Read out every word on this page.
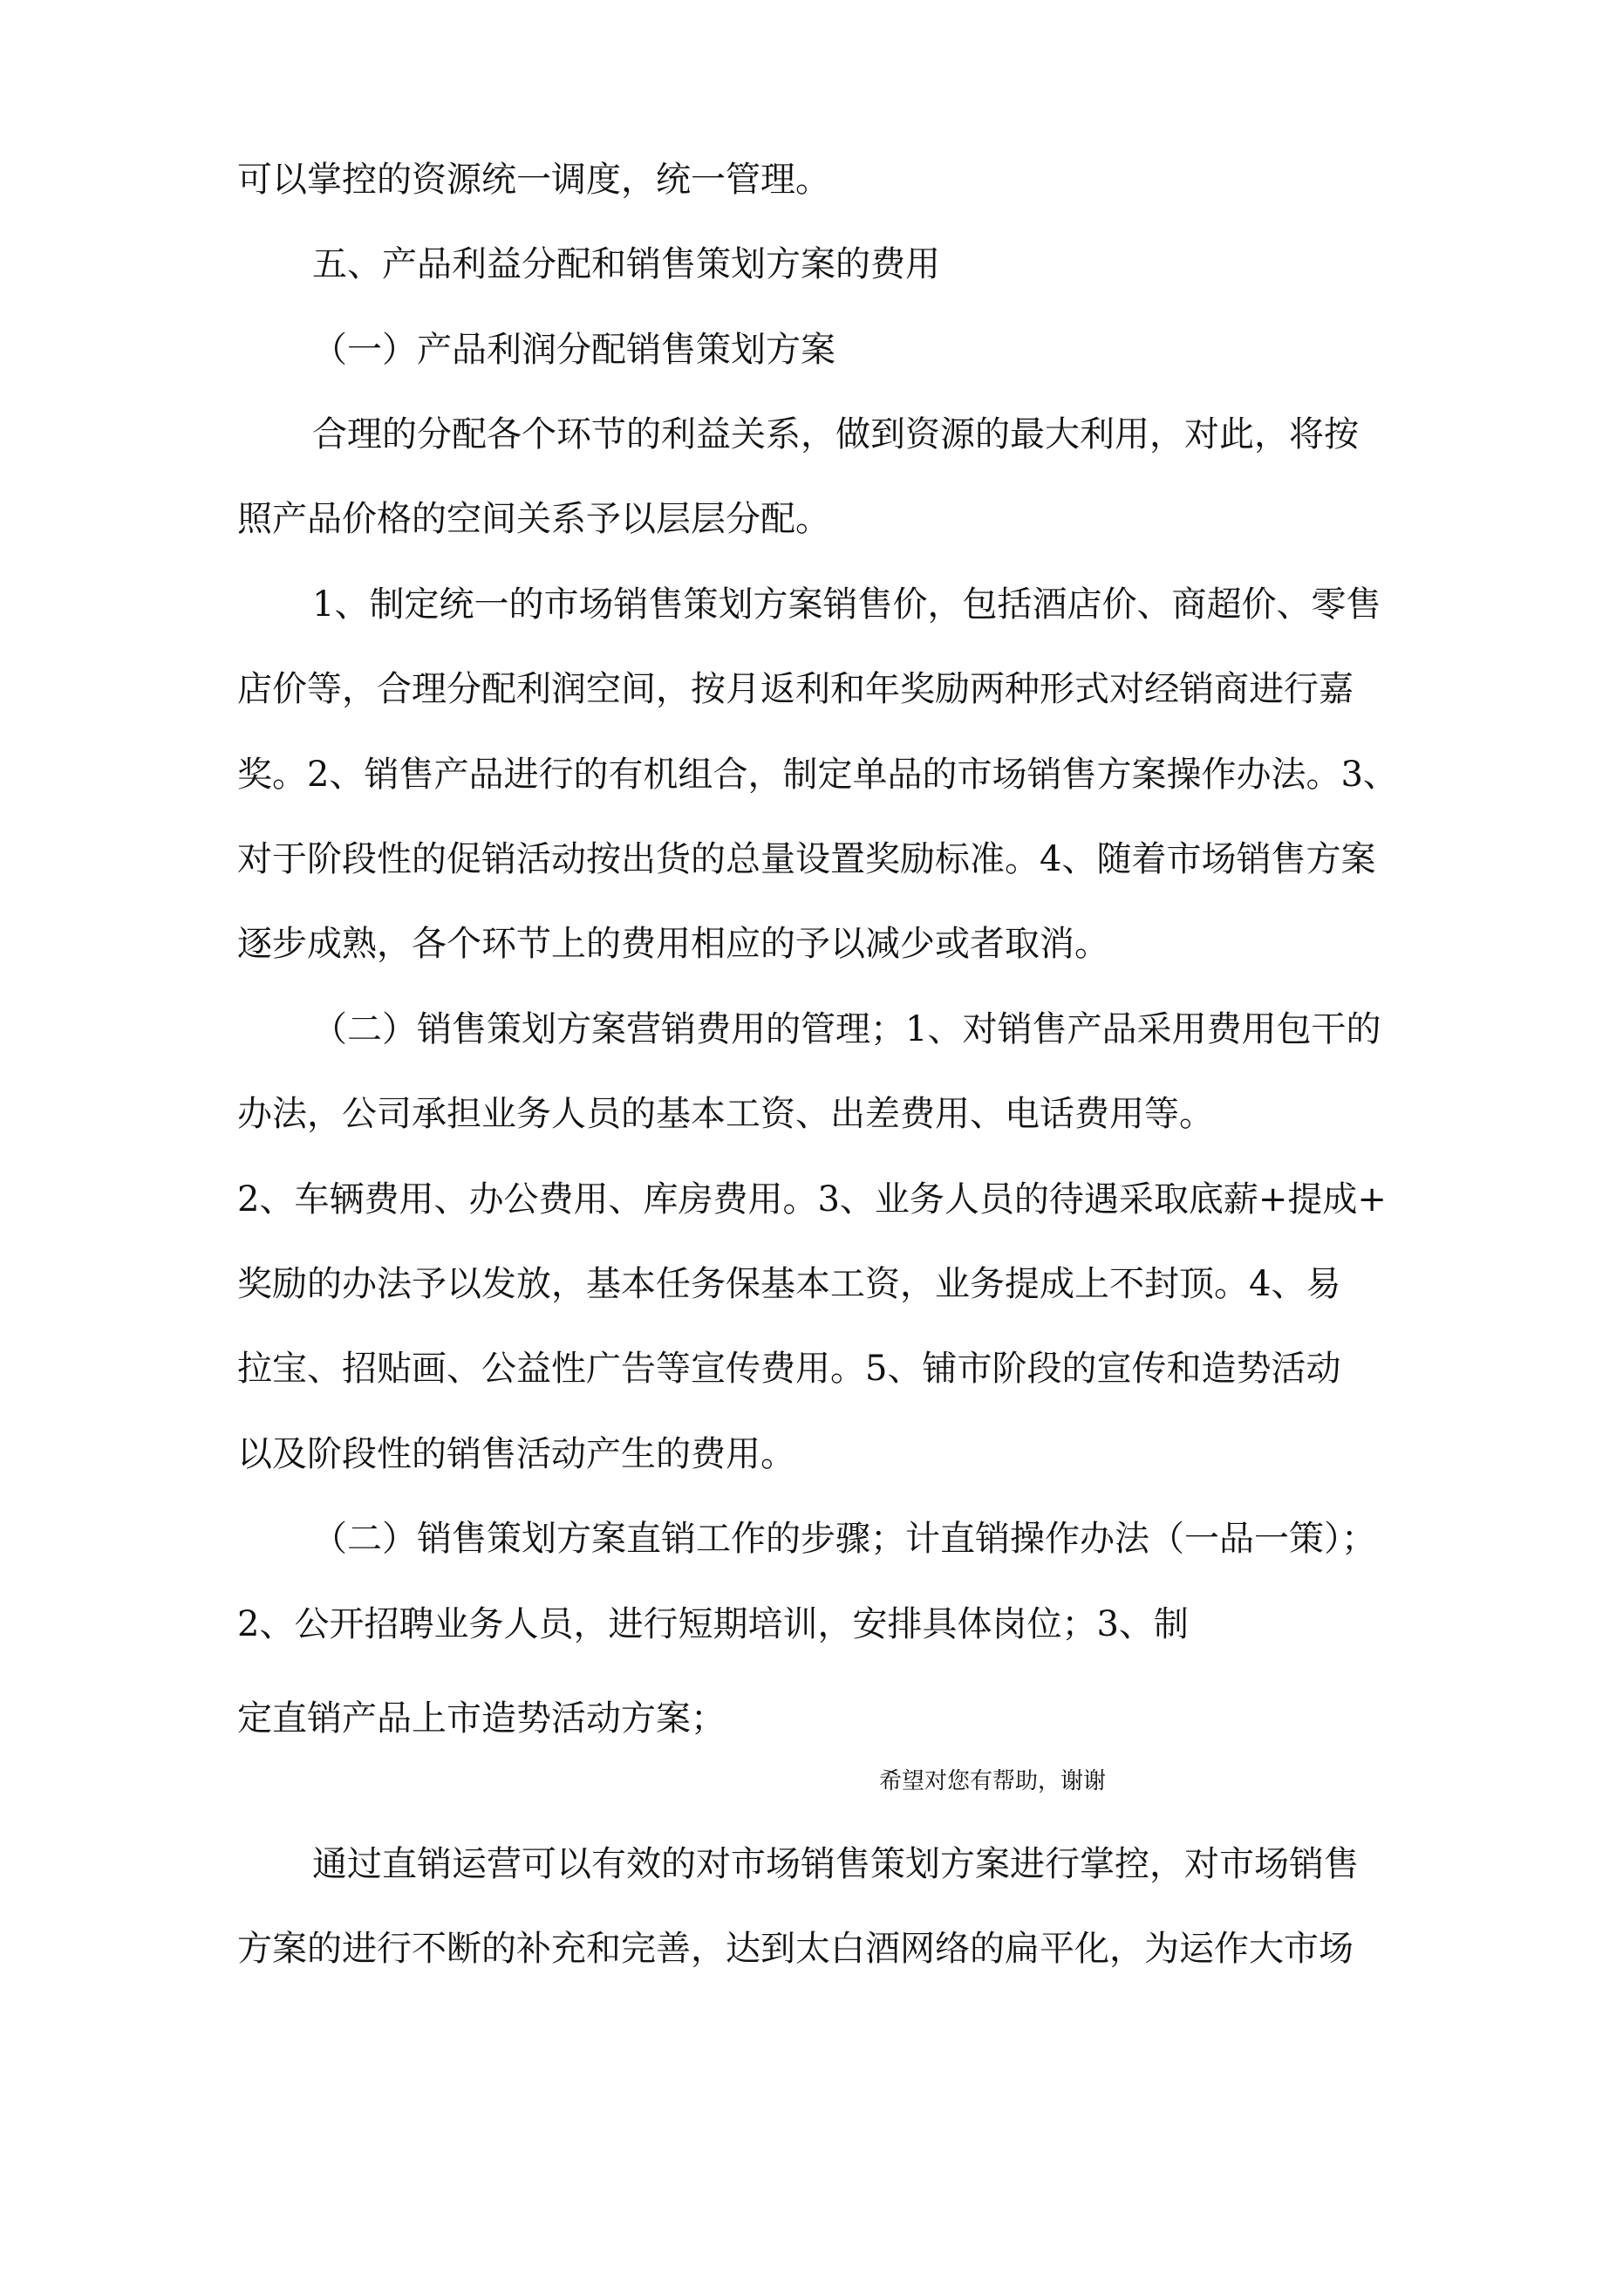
可以掌控的资源统一调度，统一管理。
五、产品利益分配和销售策划方案的费用
（一）产品利润分配销售策划方案
合理的分配各个环节的利益关系，做到资源的最大利用，对此，将按
照产品价格的空间关系予以层层分配。
1、制定统一的市场销售策划方案销售价，包括酒店价、商超价、零售
店价等，合理分配利润空间，按月返利和年奖励两种形式对经销商进行嘉
奖。2、销售产品进行的有机组合，制定单品的市场销售方案操作办法。3、
对于阶段性的促销活动按出货的总量设置奖励标准。4、随着市场销售方案
逐步成熟，各个环节上的费用相应的予以减少或者取消。
（二）销售策划方案营销费用的管理；1、对销售产品采用费用包干的
办法，公司承担业务人员的基本工资、出差费用、电话费用等。
2、车辆费用、办公费用、库房费用。3、业务人员的待遇采取底薪+提成+
奖励的办法予以发放，基本任务保基本工资，业务提成上不封顶。4、易
拉宝、招贴画、公益性广告等宣传费用。5、铺市阶段的宣传和造势活动
以及阶段性的销售活动产生的费用。
（二）销售策划方案直销工作的步骤；计直销操作办法（一品一策）；
2、公开招聘业务人员，进行短期培训，安排具体岗位；3、制
定直销产品上市造势活动方案；
希望对您有帮助，谢谢
通过直销运营可以有效的对市场销售策划方案进行掌控，对市场销售
方案的进行不断的补充和完善，达到太白酒网络的扁平化，为运作大市场
